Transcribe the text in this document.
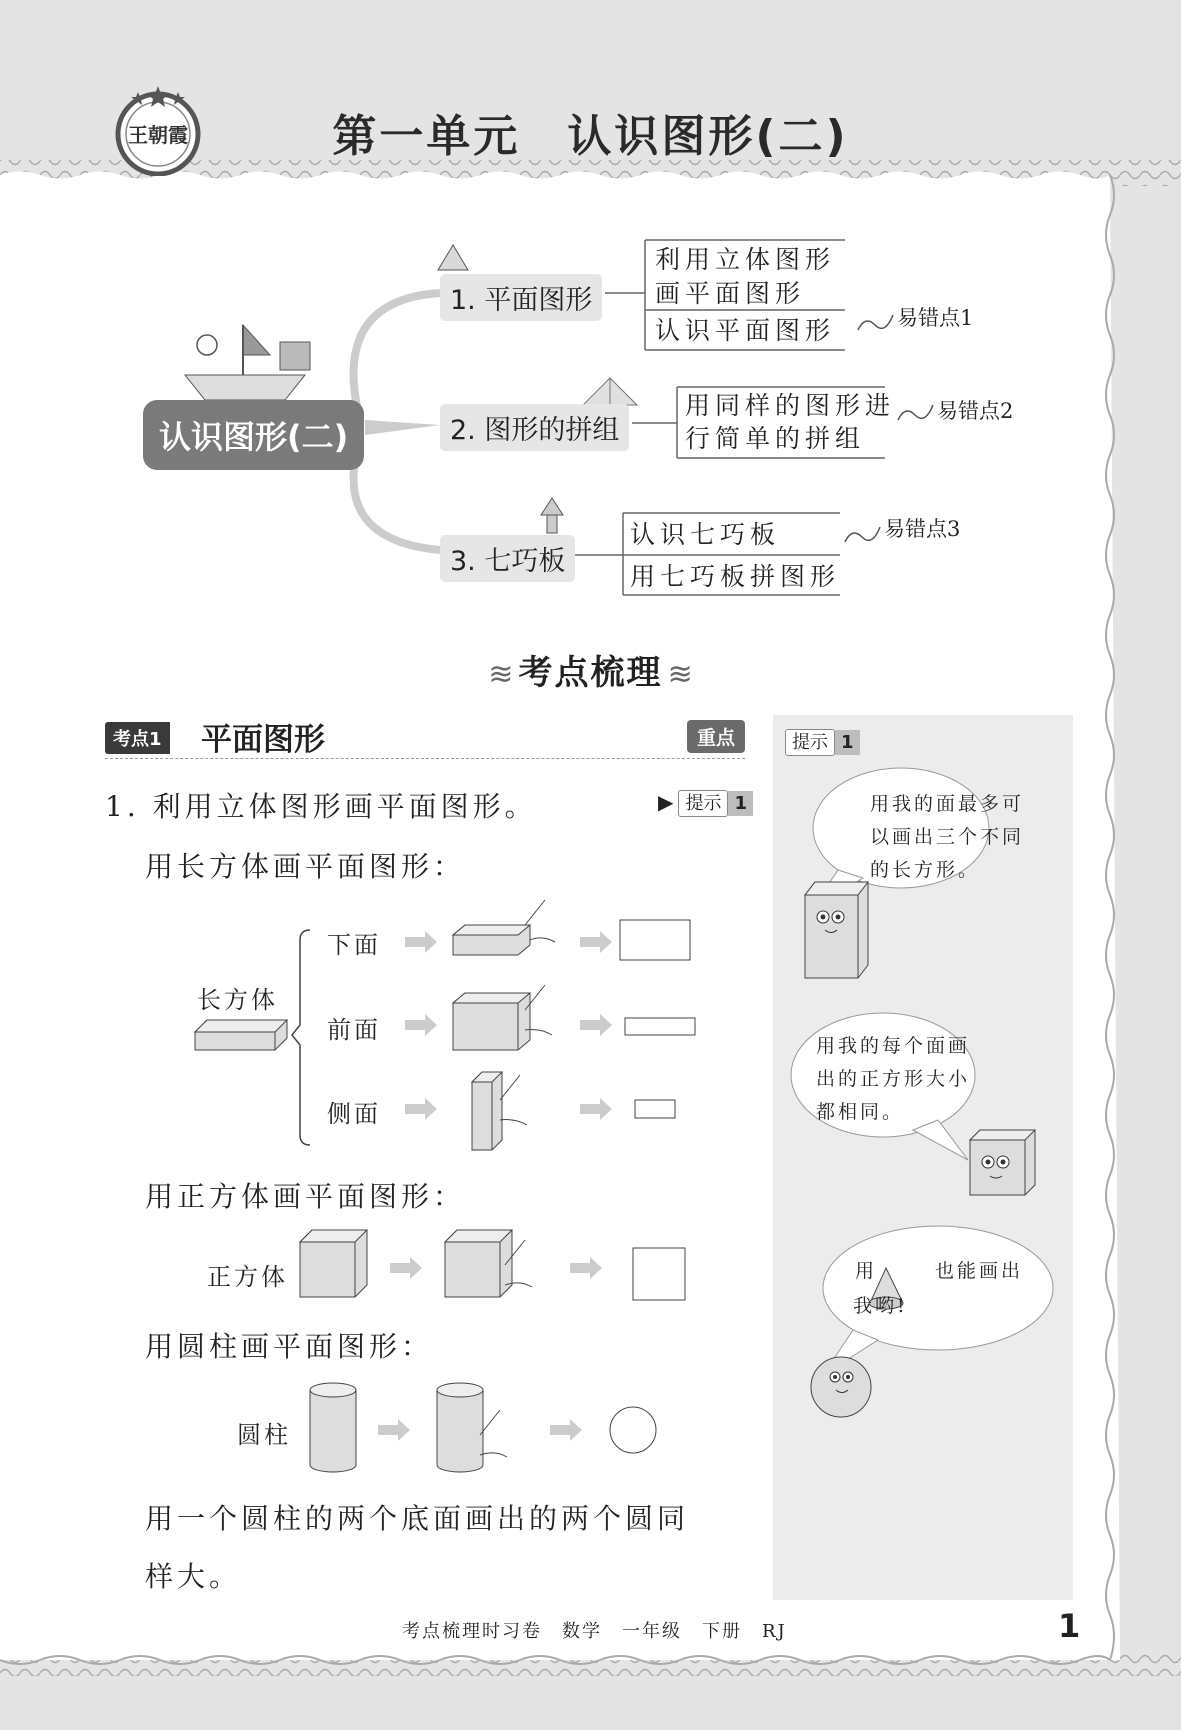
王朝霞	第一单元　认识图形(二)
认识图形(二)
1. 平面图形
2. 图形的拼组
3. 七巧板
利用立体图形
画平面图形
认识平面图形
用同样的图形进
行简单的拼组
认识七巧板
用七巧板拼图形
易错点1
易错点2
易错点3
≋ 考点梳理 ≋
考点1 平面图形	重点	提示 1
用我的面最多可
以画出三个不同
的长方形。
用我的每个面画
出的正方形大小
都相同。
用	也能画出
我哟!
1. 利用立体图形画平面图形。	▶ 提示 1
用长方体画平面图形：
长方体
下面
前面
侧面
用正方体画平面图形：
正方体
用圆柱画平面图形：
圆柱
用一个圆柱的两个底面画出的两个圆同
样大。
考点梳理时习卷　数学　一年级　下册　RJ	1
